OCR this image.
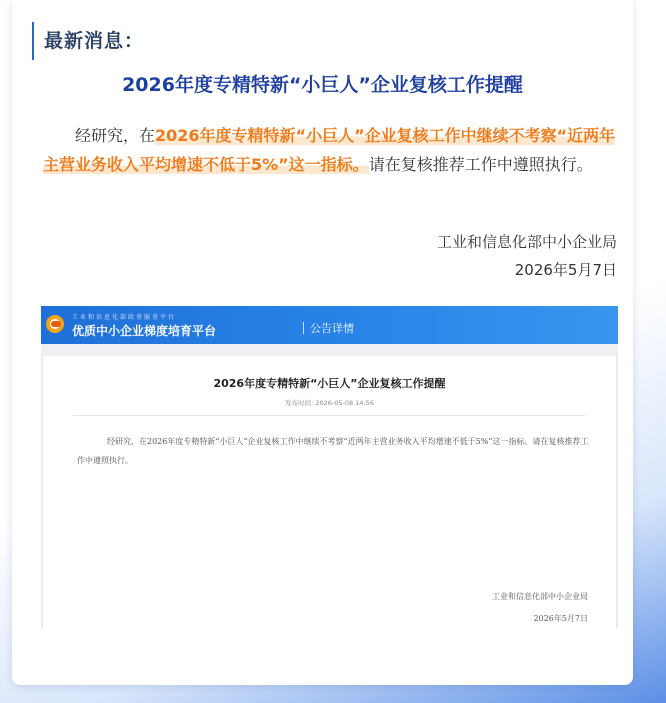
最新消息：
2026年度专精特新“小巨人”企业复核工作提醒

经研究，在2026年度专精特新“小巨人”企业复核工作中继续不考察“近两年主营业务收入平均增速不低于5%”这一指标。请在复核推荐工作中遵照执行。

工业和信息化部中小企业局
2026年5月7日
工业和信息化部政务服务平台
优质中小企业梯度培育平台	公告详情
2026年度专精特新“小巨人”企业复核工作提醒
发布时间: 2026-05-08 14:56

经研究，在2026年度专精特新“小巨人”企业复核工作中继续不考察“近两年主营业务收入平均增速不低于5%”这一指标。请在复核推荐工作中遵照执行。

工业和信息化部中小企业局
2026年5月7日
